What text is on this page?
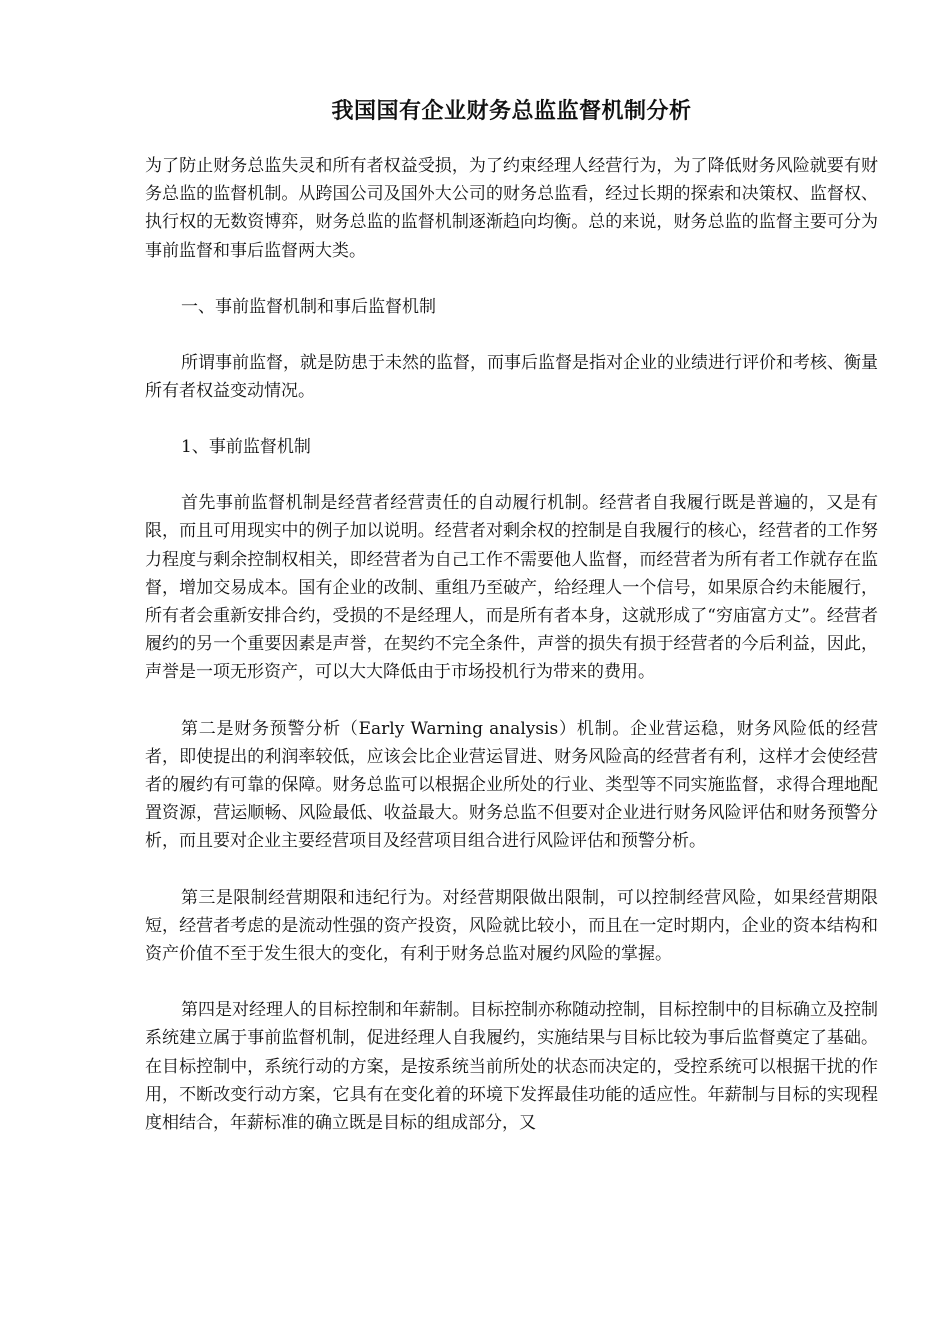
我国国有企业财务总监监督机制分析

为了防止财务总监失灵和所有者权益受损，为了约束经理人经营行为，为了降低财务风险就要有财务总监的监督机制。从跨国公司及国外大公司的财务总监看，经过长期的探索和决策权、监督权、执行权的无数资博弈，财务总监的监督机制逐渐趋向均衡。总的来说，财务总监的监督主要可分为事前监督和事后监督两大类。

一、事前监督机制和事后监督机制

所谓事前监督，就是防患于未然的监督，而事后监督是指对企业的业绩进行评价和考核、衡量所有者权益变动情况。

1、事前监督机制

首先事前监督机制是经营者经营责任的自动履行机制。经营者自我履行既是普遍的，又是有限，而且可用现实中的例子加以说明。经营者对剩余权的控制是自我履行的核心，经营者的工作努力程度与剩余控制权相关，即经营者为自己工作不需要他人监督，而经营者为所有者工作就存在监督，增加交易成本。国有企业的改制、重组乃至破产，给经理人一个信号，如果原合约未能履行，所有者会重新安排合约，受损的不是经理人，而是所有者本身，这就形成了“穷庙富方丈”。经营者履约的另一个重要因素是声誉，在契约不完全条件，声誉的损失有损于经营者的今后利益，因此，声誉是一项无形资产，可以大大降低由于市场投机行为带来的费用。

第二是财务预警分析（Early Warning analysis）机制。企业营运稳，财务风险低的经营者，即使提出的利润率较低，应该会比企业营运冒进、财务风险高的经营者有利，这样才会使经营者的履约有可靠的保障。财务总监可以根据企业所处的行业、类型等不同实施监督，求得合理地配置资源，营运顺畅、风险最低、收益最大。财务总监不但要对企业进行财务风险评估和财务预警分析，而且要对企业主要经营项目及经营项目组合进行风险评估和预警分析。

第三是限制经营期限和违纪行为。对经营期限做出限制，可以控制经营风险，如果经营期限短，经营者考虑的是流动性强的资产投资，风险就比较小，而且在一定时期内，企业的资本结构和资产价值不至于发生很大的变化，有利于财务总监对履约风险的掌握。

第四是对经理人的目标控制和年薪制。目标控制亦称随动控制，目标控制中的目标确立及控制系统建立属于事前监督机制，促进经理人自我履约，实施结果与目标比较为事后监督奠定了基础。在目标控制中，系统行动的方案，是按系统当前所处的状态而决定的，受控系统可以根据干扰的作用，不断改变行动方案，它具有在变化着的环境下发挥最佳功能的适应性。年薪制与目标的实现程度相结合，年薪标准的确立既是目标的组成部分，又
